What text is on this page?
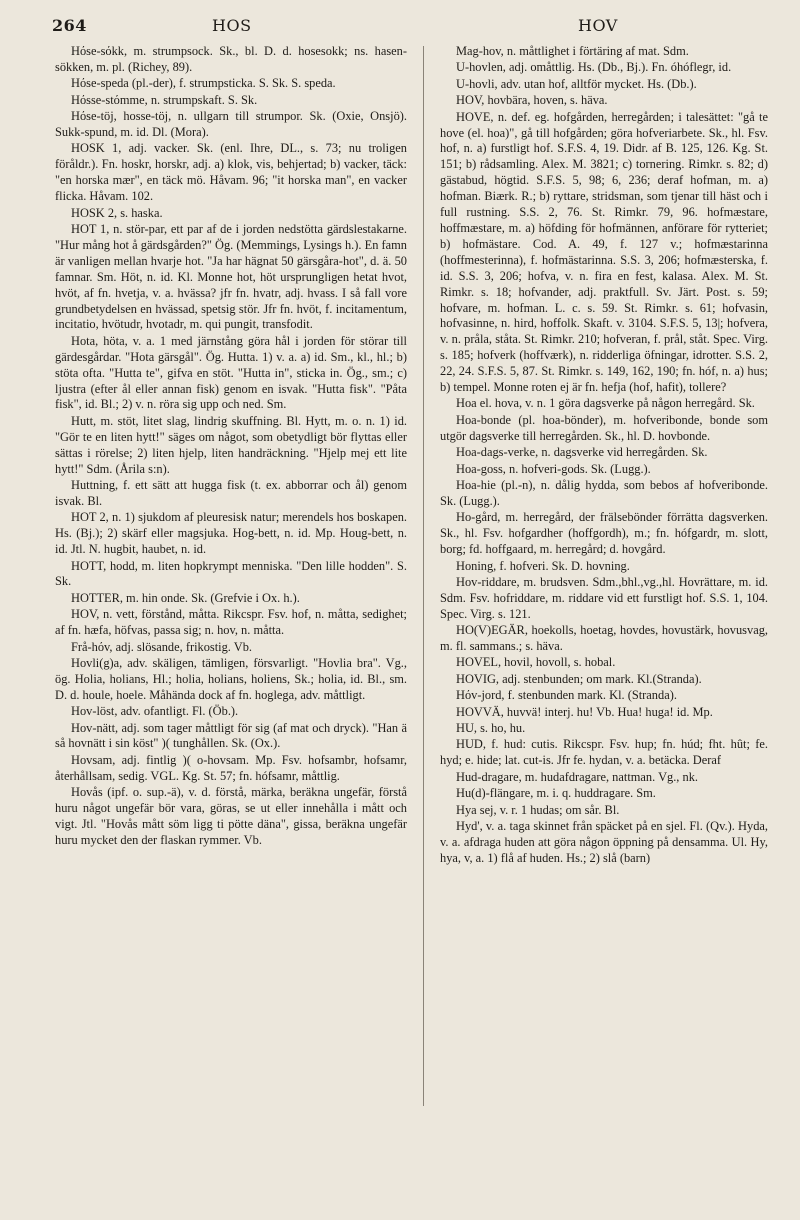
264	HOS	HOV

Hόse-sόkk, m. strumpsock. Sk., bl. D. d. hosesokk; ns. hasen-sökken, m. pl. (Richey, 89).

Hόse-speda (pl.-der), f. strumpsticka. S. Sk. S. speda.

Hόsse-stόmme, n. strumpskaft. S. Sk.

Hόse-töj, hosse-töj, n. ullgarn till strumpor. Sk. (Oxie, Onsjö). Sukk-spund, m. id. Dl. (Mora).

HOSK 1, adj. vacker. Sk. (enl. Ihre, DL., s. 73; nu troligen föråldr.). Fn. hoskr, horskr, adj. a) klok, vis, behjertad; b) vacker, täck: "en horska mær", en täck mö. Håvam. 96; "it horska man", en vacker flicka. Håvam. 102.

HOSK 2, s. haska.

HOT 1, n. stör-par, ett par af de i jorden nedstötta gärdslestakarne. "Hur mång hot å gärdsgården?" Ög. (Memmings, Lysings h.). En famn är vanligen mellan hvarje hot. "Ja har hägnat 50 gärsgåra-hot", d. ä. 50 famnar. Sm. Höt, n. id. Kl. Monne hot, höt ursprungligen hetat hvot, hvöt, af fn. hvetja, v. a. hvässa? jfr fn. hvatr, adj. hvass. I så fall vore grundbetydelsen en hvässad, spetsig stör. Jfr fn. hvöt, f. incitamentum, incitatio, hvötudr, hvotadr, m. qui pungit, transfodit.

Hota, höta, v. a. 1 med järnstång göra hål i jorden för störar till gärdesgårdar. "Hota gärsgål". Ög. Hutta. 1) v. a. a) id. Sm., kl., hl.; b) stöta ofta. "Hutta te", gifva en stöt. "Hutta in", sticka in. Ög., sm.; c) ljustra (efter ål eller annan fisk) genom en isvak. "Hutta fisk". "Påta fisk", id. Bl.; 2) v. n. röra sig upp och ned. Sm.

Hutt, m. stöt, litet slag, lindrig skuffning. Bl. Hytt, m. o. n. 1) id. "Gör te en liten hytt!" säges om något, som obetydligt bör flyttas eller sättas i rörelse; 2) liten hjelp, liten handräckning. "Hjelp mej ett lite hytt!" Sdm. (Årila s:n).

Huttning, f. ett sätt att hugga fisk (t. ex. abborrar och ål) genom isvak. Bl.

HOT 2, n. 1) sjukdom af pleuresisk natur; merendels hos boskapen. Hs. (Bj.); 2) skärf eller magsjuka. Hog-bett, n. id. Mp. Houg-bett, n. id. Jtl. N. hugbit, haubet, n. id.

HOTT, hodd, m. liten hopkrympt menniska. "Den lille hodden". S. Sk.

HOTTER, m. hin onde. Sk. (Grefvie i Ox. h.).

HOV, n. vett, förstånd, måtta. Rikсspr. Fsv. hof, n. måtta, sedighet; af fn. hæfa, höfvas, passa sig; n. hov, n. måtta.

Frå-hόv, adj. slösande, frikostig. Vb.

Hovli(g)a, adv. skäligen, tämligen, försvarligt. "Hovlia bra". Vg., ög. Holia, holians, Hl.; holia, holians, holiens, Sk.; holia, id. Bl., sm. D. d. houle, hoele. Måhända dock af fn. hoglega, adv. måttligt.

Hov-löst, adv. ofantligt. Fl. (Öb.).

Hov-nätt, adj. som tager måttligt för sig (af mat och dryck). "Han ä så hovnätt i sin köst" )( tunghållen. Sk. (Ox.).

Hovsam, adj. fintlig )( o-hovsam. Mp. Fsv. hofsambr, hofsamr, återhållsam, sedig. VGL. Kg. St. 57; fn. hófsamr, måttlig.

Hovås (ipf. o. sup.-ä), v. d. förstå, märka, beräkna ungefär, förstå huru något ungefär bör vara, göras, se ut eller innehålla i mått och vigt. Jtl. "Hovås mått söm ligg ti pötte däna", gissa, beräkna ungefär huru mycket den der flaskan rymmer. Vb.

Mag-hov, n. måttlighet i förtäring af mat. Sdm.

U-hovlen, adj. omåttlig. Hs. (Db., Bj.). Fn. óhóflegr, id.

U-hovli, adv. utan hof, alltför mycket. Hs. (Db.).

HOV, hovbära, hoven, s. häva.

HOVE, n. def. eg. hofgården, herregården; i talesättet: "gå te hove (el. hoa)", gå till hofgården; göra hofveriarbete. Sk., hl. Fsv. hof, n. a) furstligt hof. S.F.S. 4, 19. Didr. af B. 125, 126. Kg. St. 151; b) rådsamling. Alex. M. 3821; c) tornering. Rimkr. s. 82; d) gästabud, högtid. S.F.S. 5, 98; 6, 236; deraf hofman, m. a) hofman. Biærk. R.; b) ryttare, stridsman, som tjenar till häst och i full rustning. S.S. 2, 76. St. Rimkr. 79, 96. hofmæstare, hoffmæstare, m. a) höfding för hofmännen, anförare för rytteriet; b) hofmästare. Cod. A. 49, f. 127 v.; hofmæstarinna (hoffmesterinna), f. hofmästarinna. S.S. 3, 206; hofmæsterska, f. id. S.S. 3, 206; hofva, v. n. fira en fest, kalasa. Alex. M. St. Rimkr. s. 18; hofvander, adj. praktfull. Sv. Järt. Post. s. 59; hofvare, m. hofman. L. c. s. 59. St. Rimkr. s. 61; hofvasin, hofvasinne, n. hird, hoffolk. Skaft. v. 3104. S.F.S. 5, 13|; hofvera, v. n. pråla, ståta. St. Rimkr. 210; hofveran, f. prål, ståt. Spec. Virg. s. 185; hofverk (hoffværk), n. ridderliga öfningar, idrotter. S.S. 2, 22, 24. S.F.S. 5, 87. St. Rimkr. s. 149, 162, 190; fn. hóf, n. a) hus; b) tempel. Monne roten ej är fn. hefja (hof, hafit), tollere?

Hoa el. hova, v. n. 1 göra dagsverke på någon herregård. Sk.

Hoa-bonde (pl. hoa-bönder), m. hofveribonde, bonde som utgör dagsverke till herregården. Sk., hl. D. hovbonde.

Hoa-dags-verke, n. dagsverke vid herregården. Sk.

Hoa-goss, n. hofveri-gods. Sk. (Lugg.).

Hoa-hie (pl.-n), n. dålig hydda, som bebos af hofveribonde. Sk. (Lugg.).

Ho-gård, m. herregård, der frälsebönder förrätta dagsverken. Sk., hl. Fsv. hofgardher (hoffgordh), m.; fn. hófgardr, m. slott, borg; fd. hoffgaard, m. herregård; d. hovgård.

Honing, f. hofveri. Sk. D. hovning.

Hov-riddare, m. brudsven. Sdm.,bhl.,vg.,hl. Hovrättare, m. id. Sdm. Fsv. hofriddare, m. riddare vid ett furstligt hof. S.S. 1, 104. Spec. Virg. s. 121.

HO(V)EGÄR, hoekolls, hoetag, hovdes, hovustärk, hovusvag, m. fl. sammans.; s. häva.

HOVEL, hovil, hovoll, s. hobal.

HOVIG, adj. stenbunden; om mark. Kl.(Stranda).

Hόv-jord, f. stenbunden mark. Kl. (Stranda).

HOVVÄ, huvvä! interj. hu! Vb. Hua! huga! id. Mp.

HU, s. ho, hu.

HUD, f. hud: cutis. Rikсspr. Fsv. hup; fn. húd; fht. hût; fe. hyd; e. hide; lat. cut-is. Jfr fe. hydan, v. a. betäcka. Deraf

Hud-dragare, m. hudafdragare, nattman. Vg., nk.

Hu(d)-flängare, m. i. q. huddragare. Sm.

Hya sej, v. r. 1 hudas; om sår. Bl.

Hyd', v. a. taga skinnet från späcket på en sjel. Fl. (Qv.). Hyda, v. a. afdraga huden att göra någon öppning på densamma. Ul. Hy, hya, v, a. 1) flå af huden. Hs.; 2) slå (barn)
